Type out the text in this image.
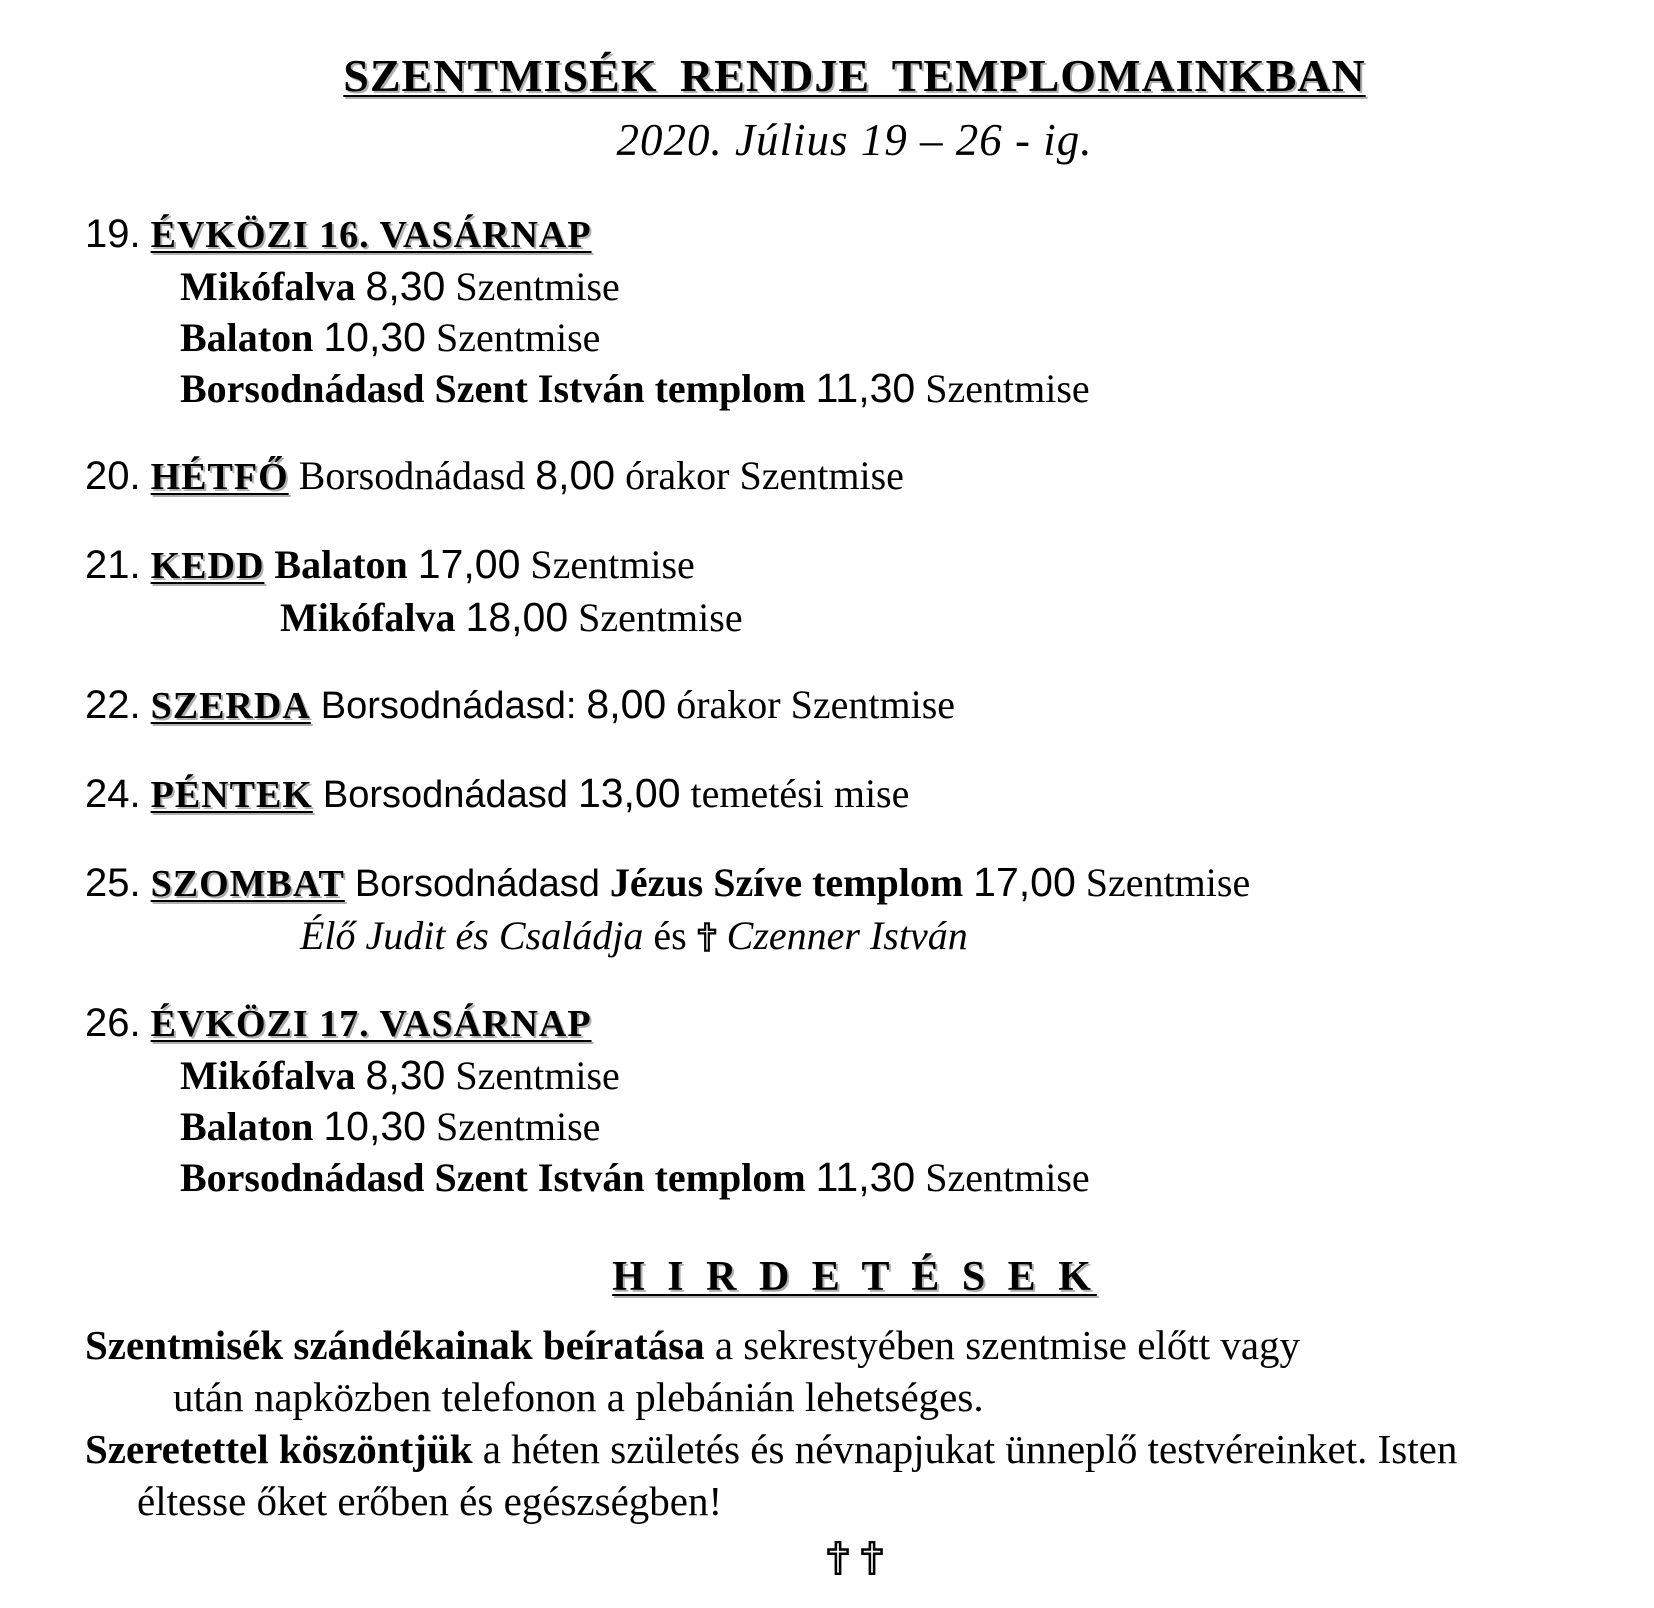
SZENTMISÉK RENDJE TEMPLOMAINKBAN
2020. Július 19 – 26 - ig.
19. ÉVKÖZI 16. VASÁRNAP
Mikófalva 8,30 Szentmise
Balaton 10,30 Szentmise
Borsodnádasd Szent István templom 11,30 Szentmise
20. HÉTFŐ Borsodnádasd 8,00 órakor Szentmise
21. KEDD Balaton 17,00 Szentmise
Mikófalva 18,00 Szentmise
22. SZERDA Borsodnádasd: 8,00 órakor Szentmise
24. PÉNTEK Borsodnádasd 13,00 temetési mise
25. SZOMBAT Borsodnádasd Jézus Szíve templom 17,00 Szentmise
Élő Judit és Családja és Czenner István
26. ÉVKÖZI 17. VASÁRNAP
Mikófalva 8,30 Szentmise
Balaton 10,30 Szentmise
Borsodnádasd Szent István templom 11,30 Szentmise
H I R D E T É S E K
Szentmisék szándékainak beíratása a sekrestyében szentmise előtt vagy
után napközben telefonon a plebánián lehetséges.
Szeretettel köszöntjük a héten születés és névnapjukat ünneplő testvéreinket. Isten
éltesse őket erőben és egészségben!
